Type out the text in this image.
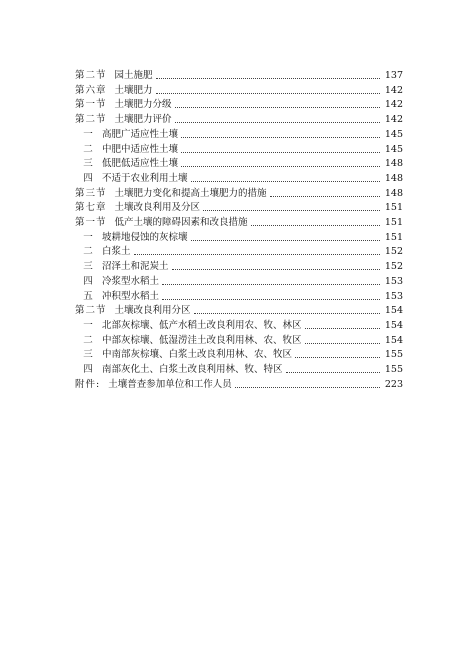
第二节 园土施肥	137
第六章 土壤肥力	142
第一节 土壤肥力分级	142
第二节 土壤肥力评价	142
一 高肥广适应性土壤	145
二 中肥中适应性土壤	145
三 低肥低适应性土壤	148
四 不适于农业利用土壤	148
第三节 土壤肥力变化和提高土壤肥力的措施	148
第七章 土壤改良利用及分区	151
第一节 低产土壤的障碍因素和改良措施	151
一 坡耕地侵蚀的灰棕壤	151
二 白浆土	152
三 沼泽土和泥炭土	152
四 冷浆型水稻土	153
五 冲积型水稻土	153
第二节 土壤改良利用分区	154
一 北部灰棕壤、低产水稻土改良利用农、牧、林区	154
二 中部灰棕壤、低湿涝洼土改良利用林、农、牧区	154
三 中南部灰棕壤、白浆土改良利用林、农、牧区	155
四 南部灰化土、白浆土改良利用林、牧、特区	155
附件: 土壤普查参加单位和工作人员	223
